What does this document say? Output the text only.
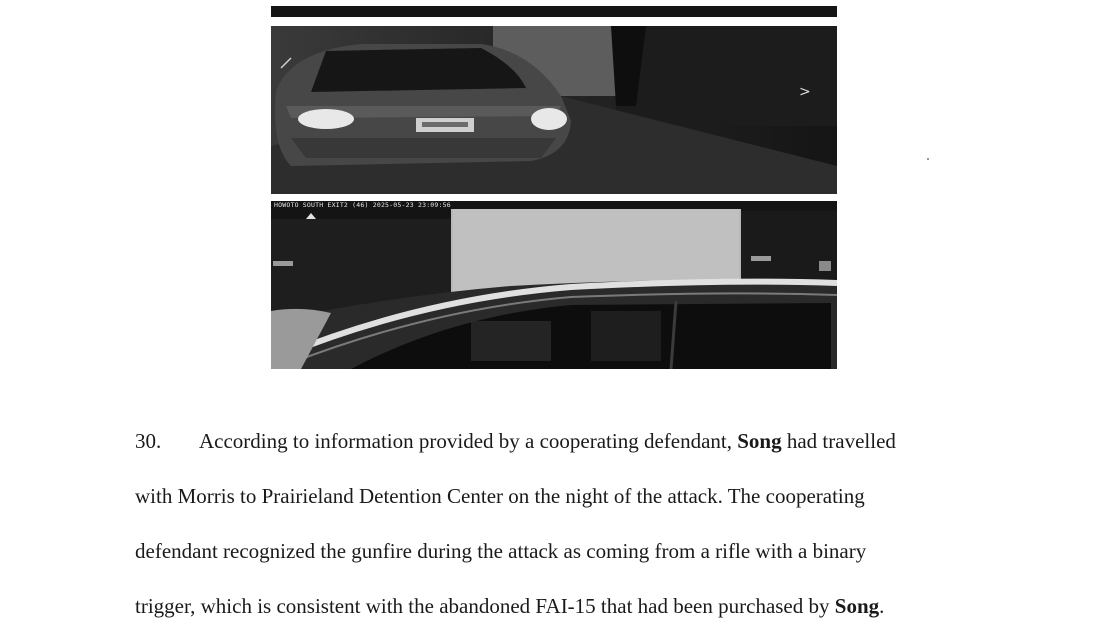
>
HOWOTO SOUTH EXIT2 (46) 2025-05-23 23:09:56
30. According to information provided by a cooperating defendant, Song had travelled
with Morris to Prairieland Detention Center on the night of the attack. The cooperating
defendant recognized the gunfire during the attack as coming from a rifle with a binary
trigger, which is consistent with the abandoned FAI-15 that had been purchased by Song.
